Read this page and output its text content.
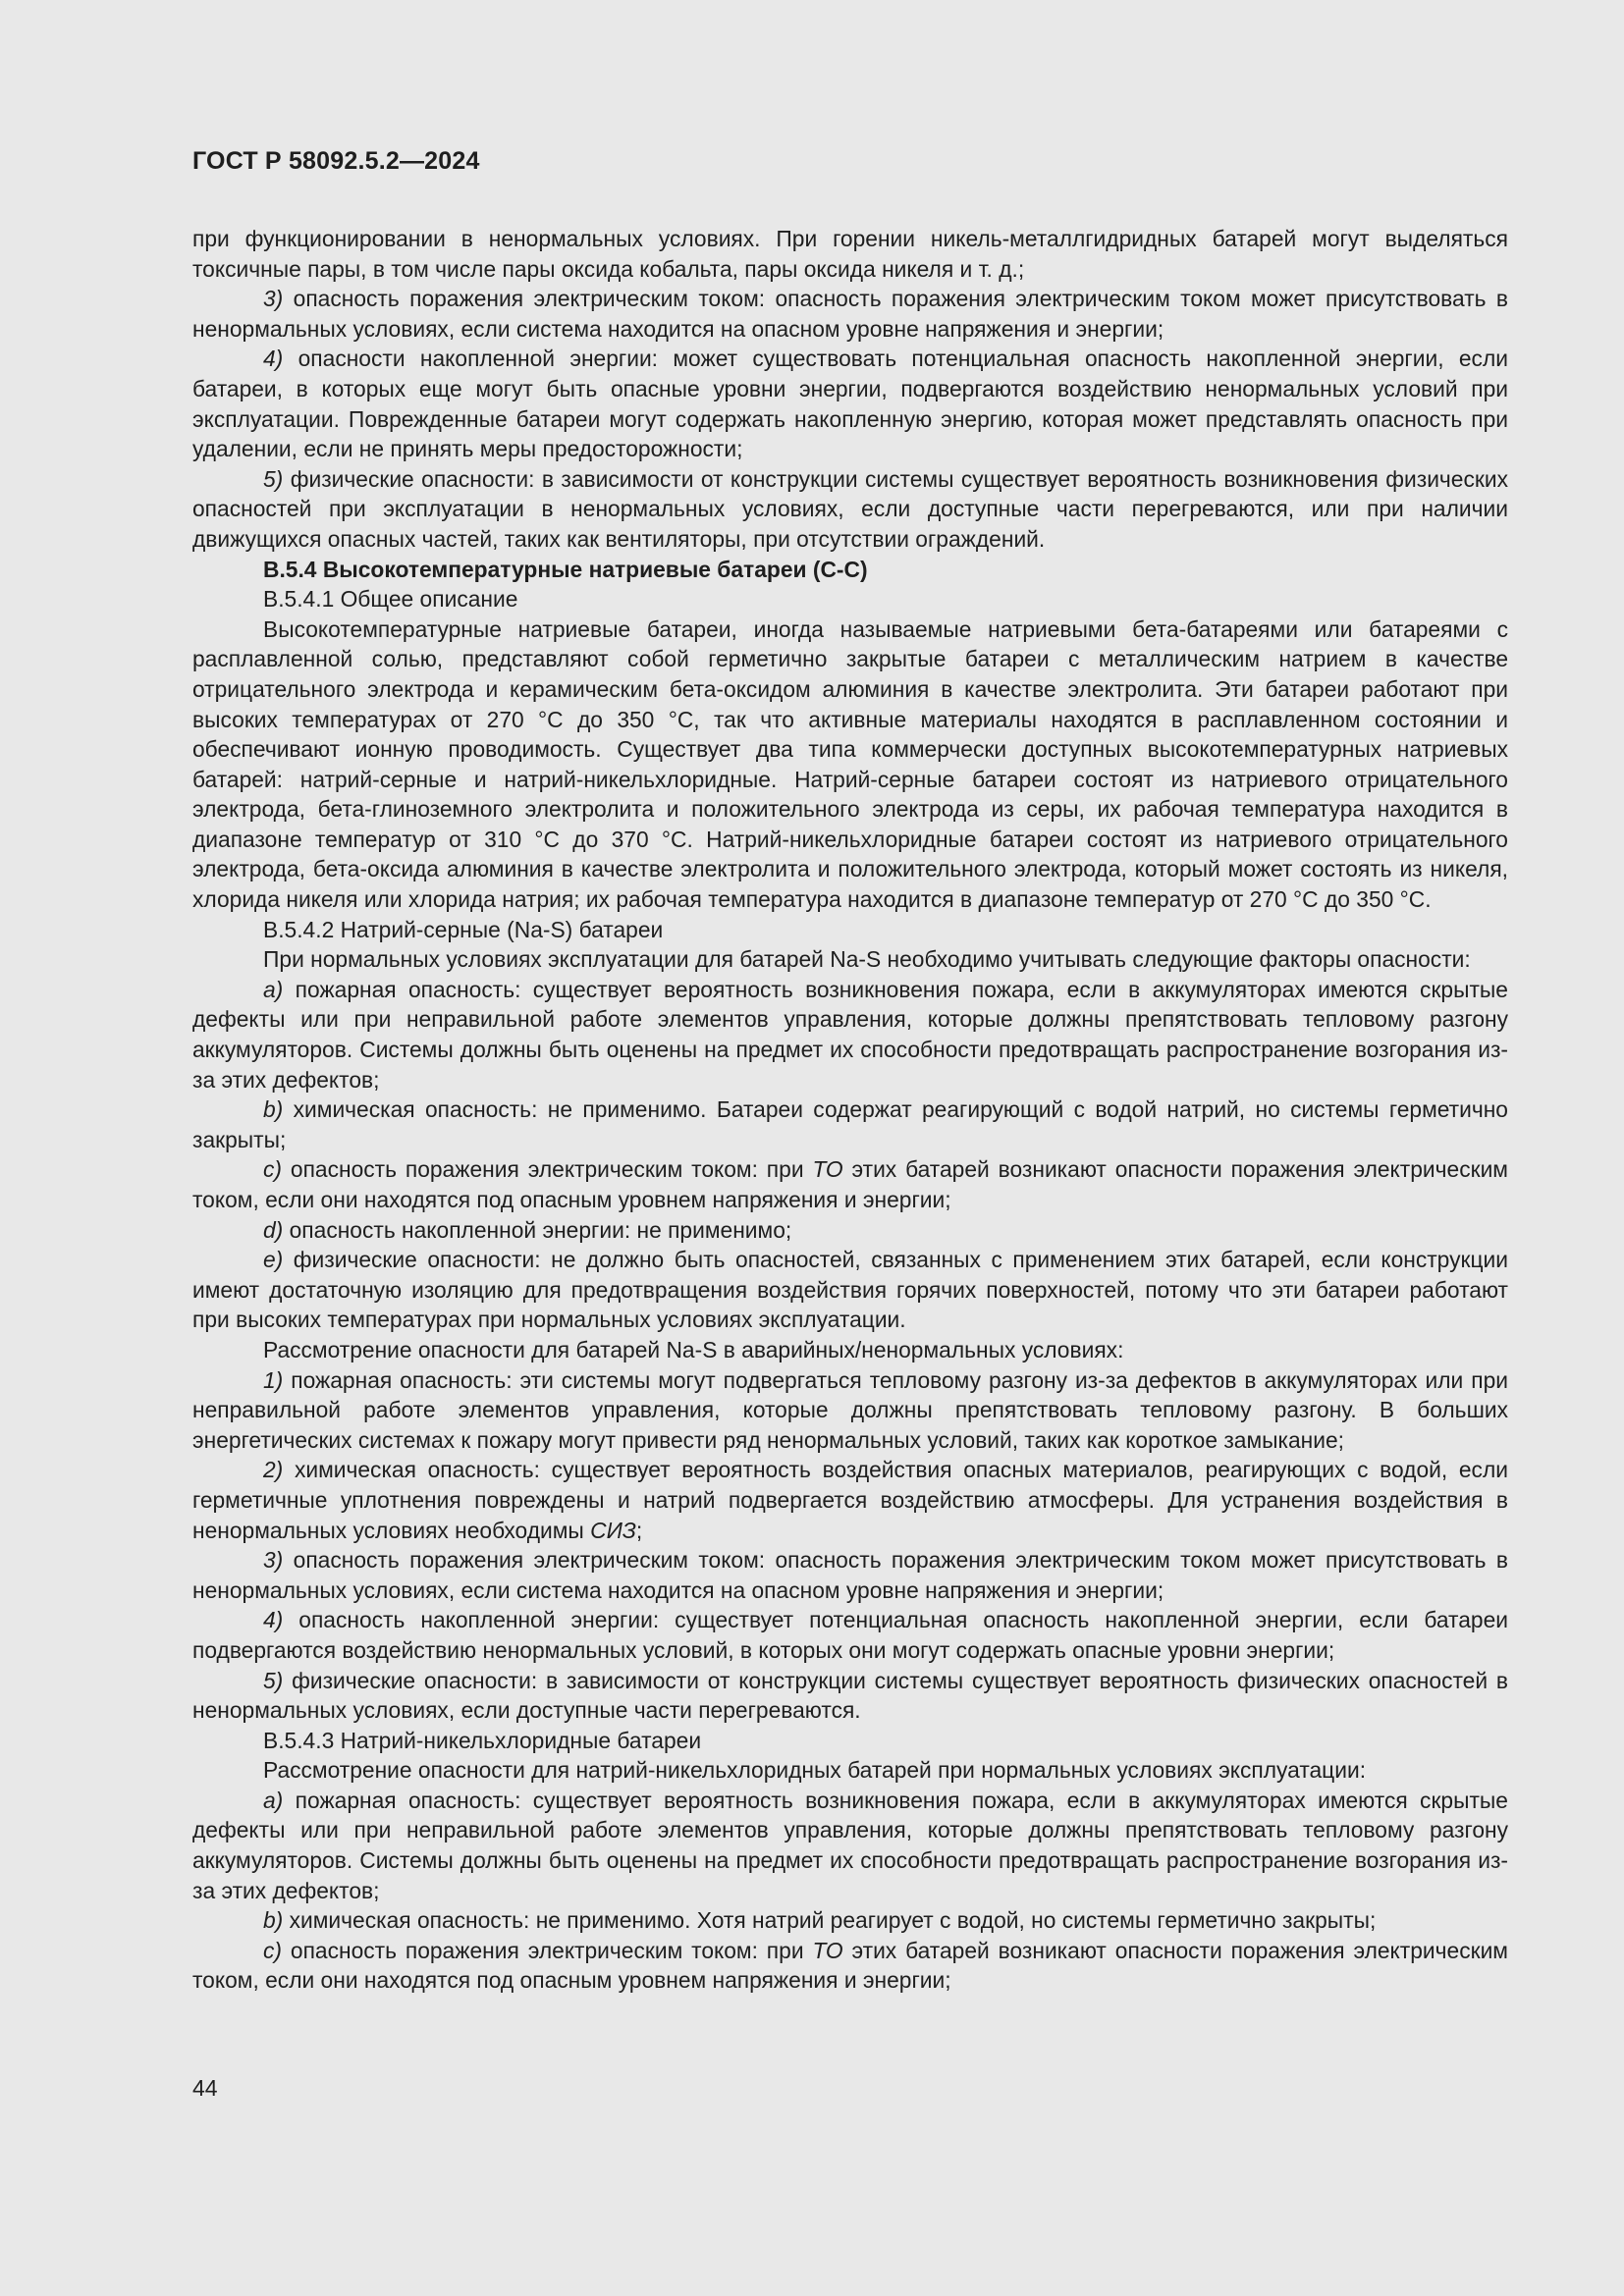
ГОСТ Р 58092.5.2—2024

при функционировании в ненормальных условиях. При горении никель-металлгидридных батарей могут выделяться токсичные пары, в том числе пары оксида кобальта, пары оксида никеля и т. д.;

3) опасность поражения электрическим током: опасность поражения электрическим током может присутствовать в ненормальных условиях, если система находится на опасном уровне напряжения и энергии;

4) опасности накопленной энергии: может существовать потенциальная опасность накопленной энергии, если батареи, в которых еще могут быть опасные уровни энергии, подвергаются воздействию ненормальных условий при эксплуатации. Поврежденные батареи могут содержать накопленную энергию, которая может представлять опасность при удалении, если не принять меры предосторожности;

5) физические опасности: в зависимости от конструкции системы существует вероятность возникновения физических опасностей при эксплуатации в ненормальных условиях, если доступные части перегреваются, или при наличии движущихся опасных частей, таких как вентиляторы, при отсутствии ограждений.

В.5.4 Высокотемпературные натриевые батареи (C-C)

В.5.4.1 Общее описание

Высокотемпературные натриевые батареи, иногда называемые натриевыми бета-батареями или батареями с расплавленной солью, представляют собой герметично закрытые батареи с металлическим натрием в качестве отрицательного электрода и керамическим бета-оксидом алюминия в качестве электролита. Эти батареи работают при высоких температурах от 270 °С до 350 °С, так что активные материалы находятся в расплавленном состоянии и обеспечивают ионную проводимость. Существует два типа коммерчески доступных высокотемпературных натриевых батарей: натрий-серные и натрий-никельхлоридные. Натрий-серные батареи состоят из натриевого отрицательного электрода, бета-глиноземного электролита и положительного электрода из серы, их рабочая температура находится в диапазоне температур от 310 °С до 370 °С. Натрий-никельхлоридные батареи состоят из натриевого отрицательного электрода, бета-оксида алюминия в качестве электролита и положительного электрода, который может состоять из никеля, хлорида никеля или хлорида натрия; их рабочая температура находится в диапазоне температур от 270 °С до 350 °С.

В.5.4.2 Натрий-серные (Na-S) батареи

При нормальных условиях эксплуатации для батарей Na-S необходимо учитывать следующие факторы опасности:

a) пожарная опасность: существует вероятность возникновения пожара, если в аккумуляторах имеются скрытые дефекты или при неправильной работе элементов управления, которые должны препятствовать тепловому разгону аккумуляторов. Системы должны быть оценены на предмет их способности предотвращать распространение возгорания из-за этих дефектов;

b) химическая опасность: не применимо. Батареи содержат реагирующий с водой натрий, но системы герметично закрыты;

c) опасность поражения электрическим током: при ТО этих батарей возникают опасности поражения электрическим током, если они находятся под опасным уровнем напряжения и энергии;

d) опасность накопленной энергии: не применимо;

e) физические опасности: не должно быть опасностей, связанных с применением этих батарей, если конструкции имеют достаточную изоляцию для предотвращения воздействия горячих поверхностей, потому что эти батареи работают при высоких температурах при нормальных условиях эксплуатации.

Рассмотрение опасности для батарей Na-S в аварийных/ненормальных условиях:

1) пожарная опасность: эти системы могут подвергаться тепловому разгону из-за дефектов в аккумуляторах или при неправильной работе элементов управления, которые должны препятствовать тепловому разгону. В больших энергетических системах к пожару могут привести ряд ненормальных условий, таких как короткое замыкание;

2) химическая опасность: существует вероятность воздействия опасных материалов, реагирующих с водой, если герметичные уплотнения повреждены и натрий подвергается воздействию атмосферы. Для устранения воздействия в ненормальных условиях необходимы СИЗ;

3) опасность поражения электрическим током: опасность поражения электрическим током может присутствовать в ненормальных условиях, если система находится на опасном уровне напряжения и энергии;

4) опасность накопленной энергии: существует потенциальная опасность накопленной энергии, если батареи подвергаются воздействию ненормальных условий, в которых они могут содержать опасные уровни энергии;

5) физические опасности: в зависимости от конструкции системы существует вероятность физических опасностей в ненормальных условиях, если доступные части перегреваются.

В.5.4.3 Натрий-никельхлоридные батареи

Рассмотрение опасности для натрий-никельхлоридных батарей при нормальных условиях эксплуатации:

a) пожарная опасность: существует вероятность возникновения пожара, если в аккумуляторах имеются скрытые дефекты или при неправильной работе элементов управления, которые должны препятствовать тепловому разгону аккумуляторов. Системы должны быть оценены на предмет их способности предотвращать распространение возгорания из-за этих дефектов;

b) химическая опасность: не применимо. Хотя натрий реагирует с водой, но системы герметично закрыты;

c) опасность поражения электрическим током: при ТО этих батарей возникают опасности поражения электрическим током, если они находятся под опасным уровнем напряжения и энергии;

44
